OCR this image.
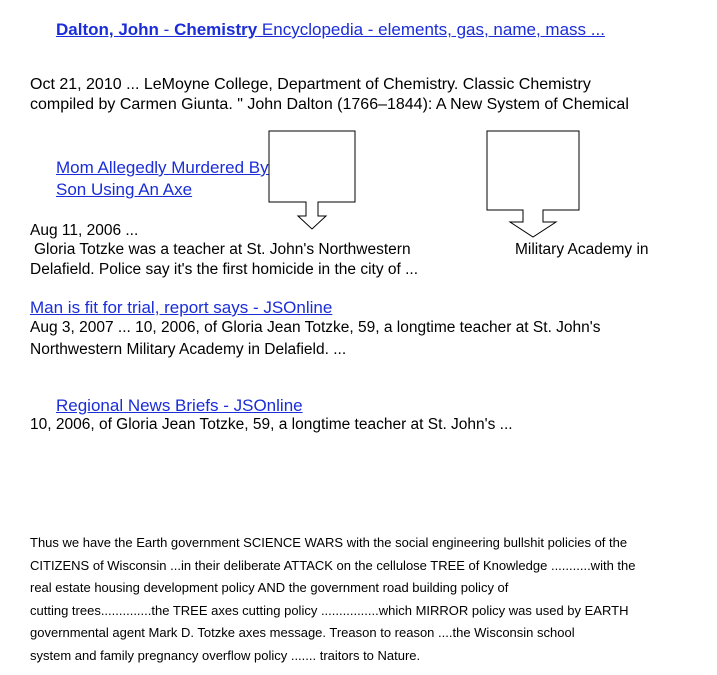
Dalton, John - Chemistry Encyclopedia - elements, gas, name, mass ...
Oct 21, 2010 ... LeMoyne College, Department of Chemistry. Classic Chemistry
compiled by Carmen Giunta. " John Dalton (1766–1844): A New System of Chemical
Mom Allegedly Murdered By Son Using An Axe
Aug 11, 2006 ...
Gloria Totzke was a teacher at St. John's Northwestern	Military Academy in
Delafield. Police say it's the first homicide in the city of ...
Man is fit for trial, report says - JSOnline
Aug 3, 2007 ... 10, 2006, of Gloria Jean Totzke, 59, a longtime teacher at St. John's
Northwestern Military Academy in Delafield. ...
Regional News Briefs - JSOnline
10, 2006, of Gloria Jean Totzke, 59, a longtime teacher at St. John's ...
Thus we have the Earth government SCIENCE WARS with the social engineering bullshit policies of the
CITIZENS of Wisconsin ...in their deliberate ATTACK on the cellulose TREE of Knowledge ...........with the
real estate housing development policy AND the government road building policy of
cutting trees..............the TREE axes cutting policy ................which MIRROR policy was used by EARTH
governmental agent Mark D. Totzke axes message. Treason to reason ....the Wisconsin school
system and family pregnancy overflow policy ....... traitors to Nature.
